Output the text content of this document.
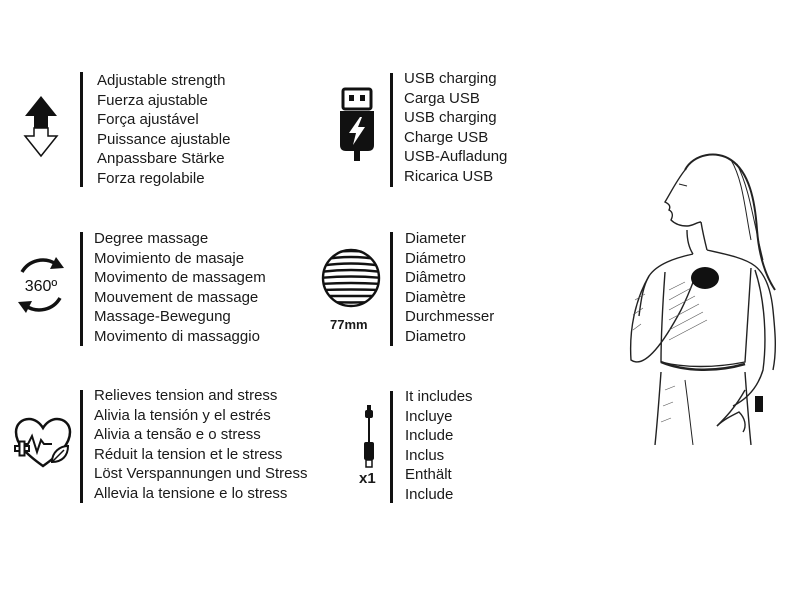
Adjustable strength
Fuerza ajustable
Força ajustável
Puissance ajustable
Anpassbare Stärke
Forza regolabile
USB charging
Carga USB
USB charging
Charge USB
USB-Aufladung
Ricarica USB
360º
Degree massage
Movimiento de masaje
Movimento de massagem
Mouvement de massage
Massage-Bewegung
Movimento di massaggio
77mm
Diameter
Diámetro
Diâmetro
Diamètre
Durchmesser
Diametro
Relieves tension and stress
Alivia la tensión y el estrés
Alivia a tensão e o stress
Réduit la tension et le stress
Löst Verspannungen und Stress
Allevia la tensione e lo stress
x1
It includes
Incluye
Include
Inclus
Enthält
Include
